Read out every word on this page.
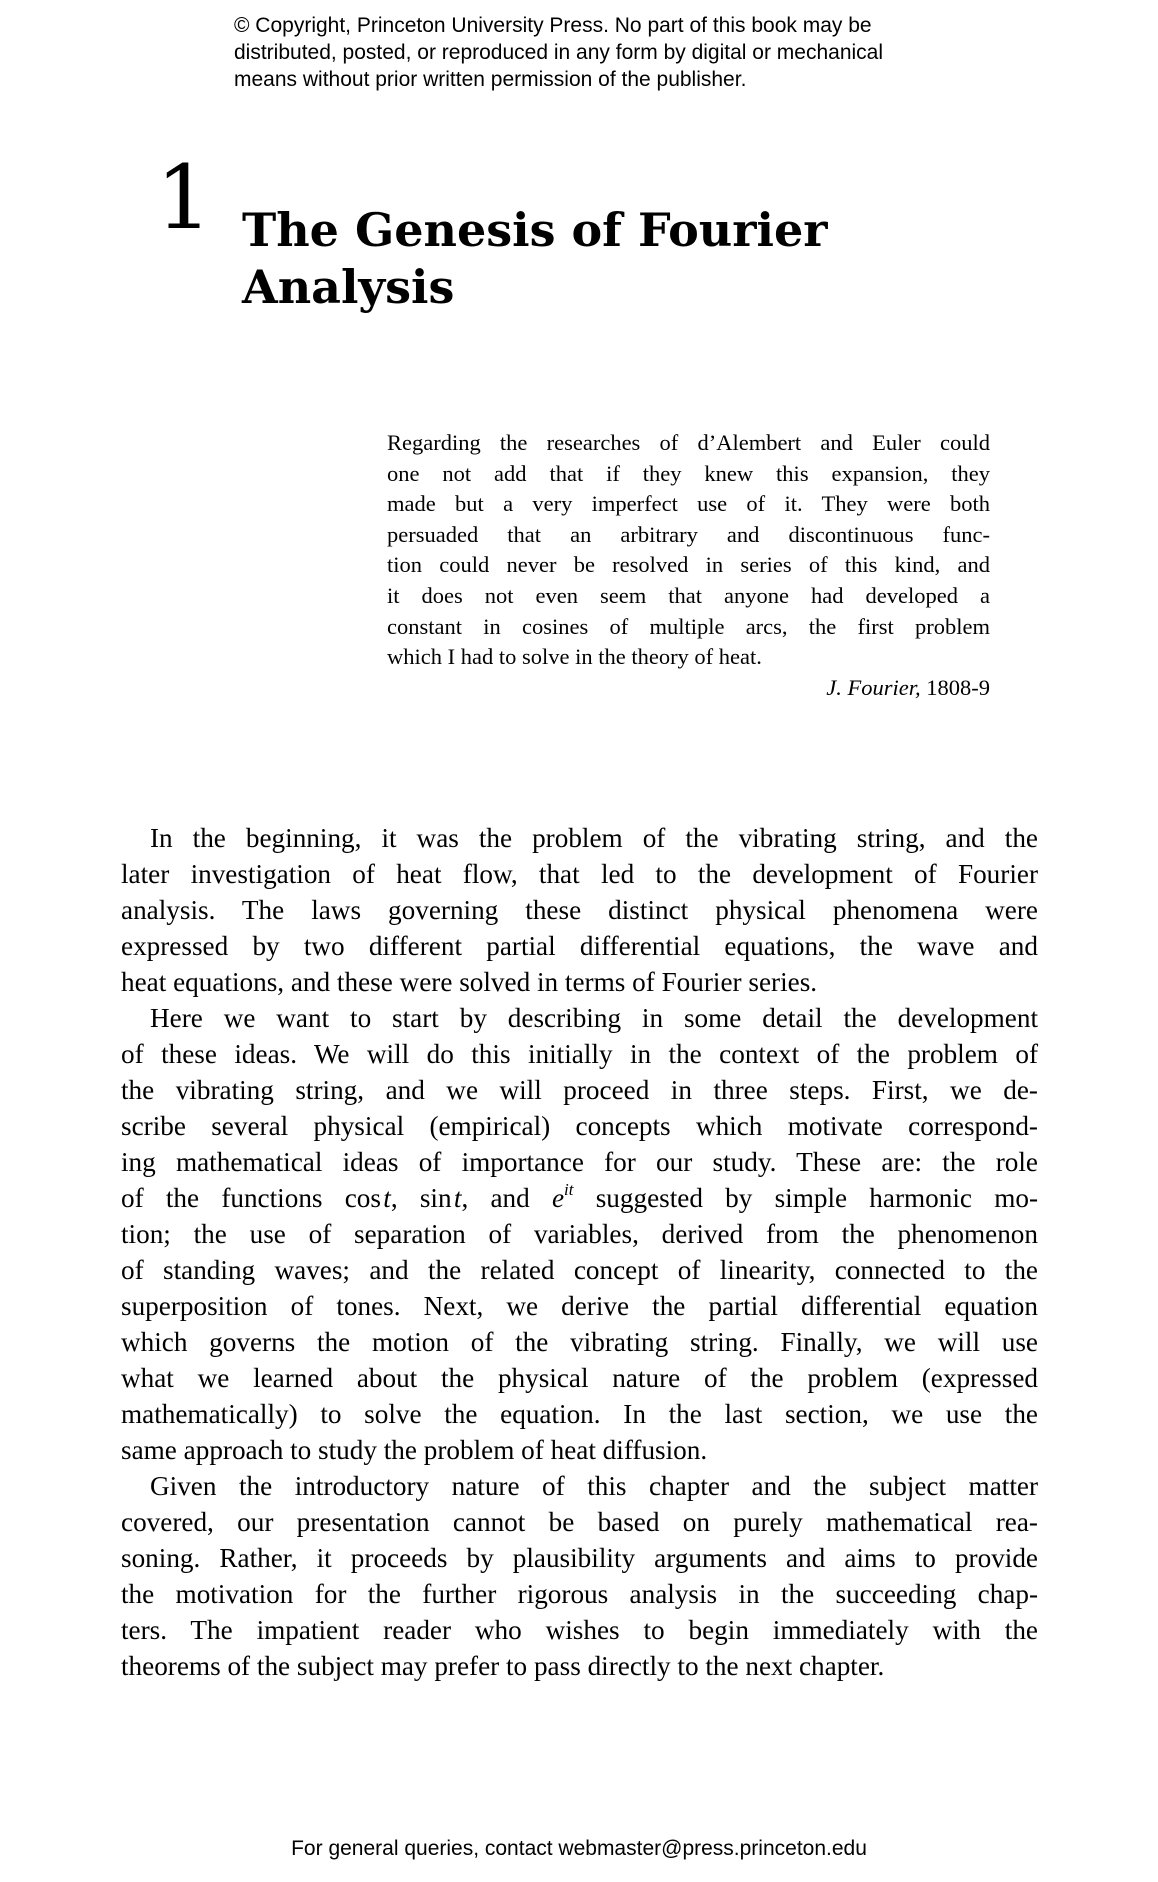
© Copyright, Princeton University Press. No part of this book may be
distributed, posted, or reproduced in any form by digital or mechanical
means without prior written permission of the publisher.
1 The Genesis of Fourier
Analysis
Regarding the researches of d’Alembert and Euler could
one not add that if they knew this expansion, they
made but a very imperfect use of it. They were both
persuaded that an arbitrary and discontinuous func-
tion could never be resolved in series of this kind, and
it does not even seem that anyone had developed a
constant in cosines of multiple arcs, the first problem
which I had to solve in the theory of heat.
J. Fourier, 1808-9
In the beginning, it was the problem of the vibrating string, and the
later investigation of heat flow, that led to the development of Fourier
analysis. The laws governing these distinct physical phenomena were
expressed by two different partial differential equations, the wave and
heat equations, and these were solved in terms of Fourier series.
Here we want to start by describing in some detail the development
of these ideas. We will do this initially in the context of the problem of
the vibrating string, and we will proceed in three steps. First, we de-
scribe several physical (empirical) concepts which motivate correspond-
ing mathematical ideas of importance for our study. These are: the role
of the functions cos t, sin t, and $e^{it}$ suggested by simple harmonic mo-
tion; the use of separation of variables, derived from the phenomenon
of standing waves; and the related concept of linearity, connected to the
superposition of tones. Next, we derive the partial differential equation
which governs the motion of the vibrating string. Finally, we will use
what we learned about the physical nature of the problem (expressed
mathematically) to solve the equation. In the last section, we use the
same approach to study the problem of heat diffusion.
Given the introductory nature of this chapter and the subject matter
covered, our presentation cannot be based on purely mathematical rea-
soning. Rather, it proceeds by plausibility arguments and aims to provide
the motivation for the further rigorous analysis in the succeeding chap-
ters. The impatient reader who wishes to begin immediately with the
theorems of the subject may prefer to pass directly to the next chapter.
For general queries, contact webmaster@press.princeton.edu
